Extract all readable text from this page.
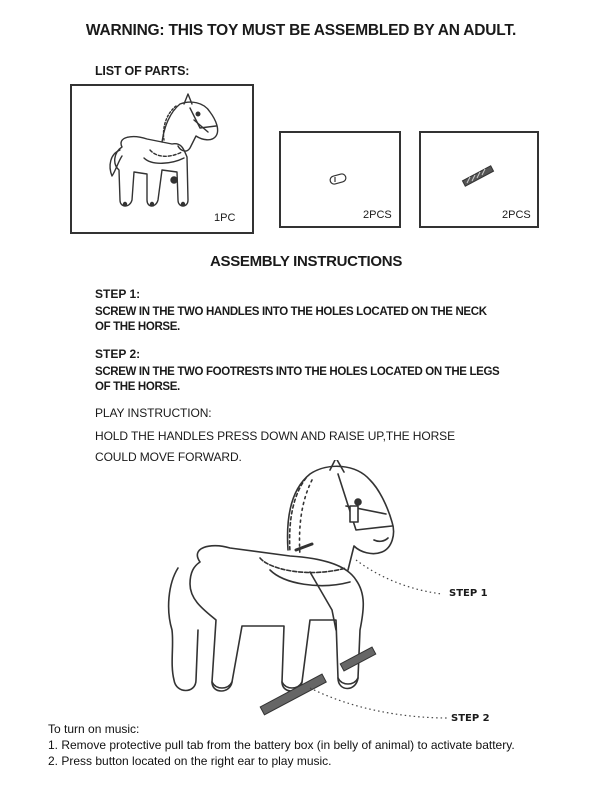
WARNING: THIS TOY MUST BE ASSEMBLED BY AN ADULT.
LIST OF PARTS:
1PC	2PCS	2PCS
ASSEMBLY INSTRUCTIONS
STEP 1:
SCREW IN THE TWO HANDLES INTO THE HOLES LOCATED ON THE NECK
OF THE HORSE.
STEP 2:
SCREW IN THE TWO FOOTRESTS INTO THE HOLES LOCATED ON THE LEGS
OF THE HORSE.
PLAY INSTRUCTION:
HOLD THE HANDLES PRESS DOWN AND RAISE UP,THE HORSE
COULD MOVE FORWARD.
STEP 1
STEP 2
To turn on music:
1. Remove protective pull tab from the battery box (in belly of animal) to activate battery.
2. Press button located on the right ear to play music.
